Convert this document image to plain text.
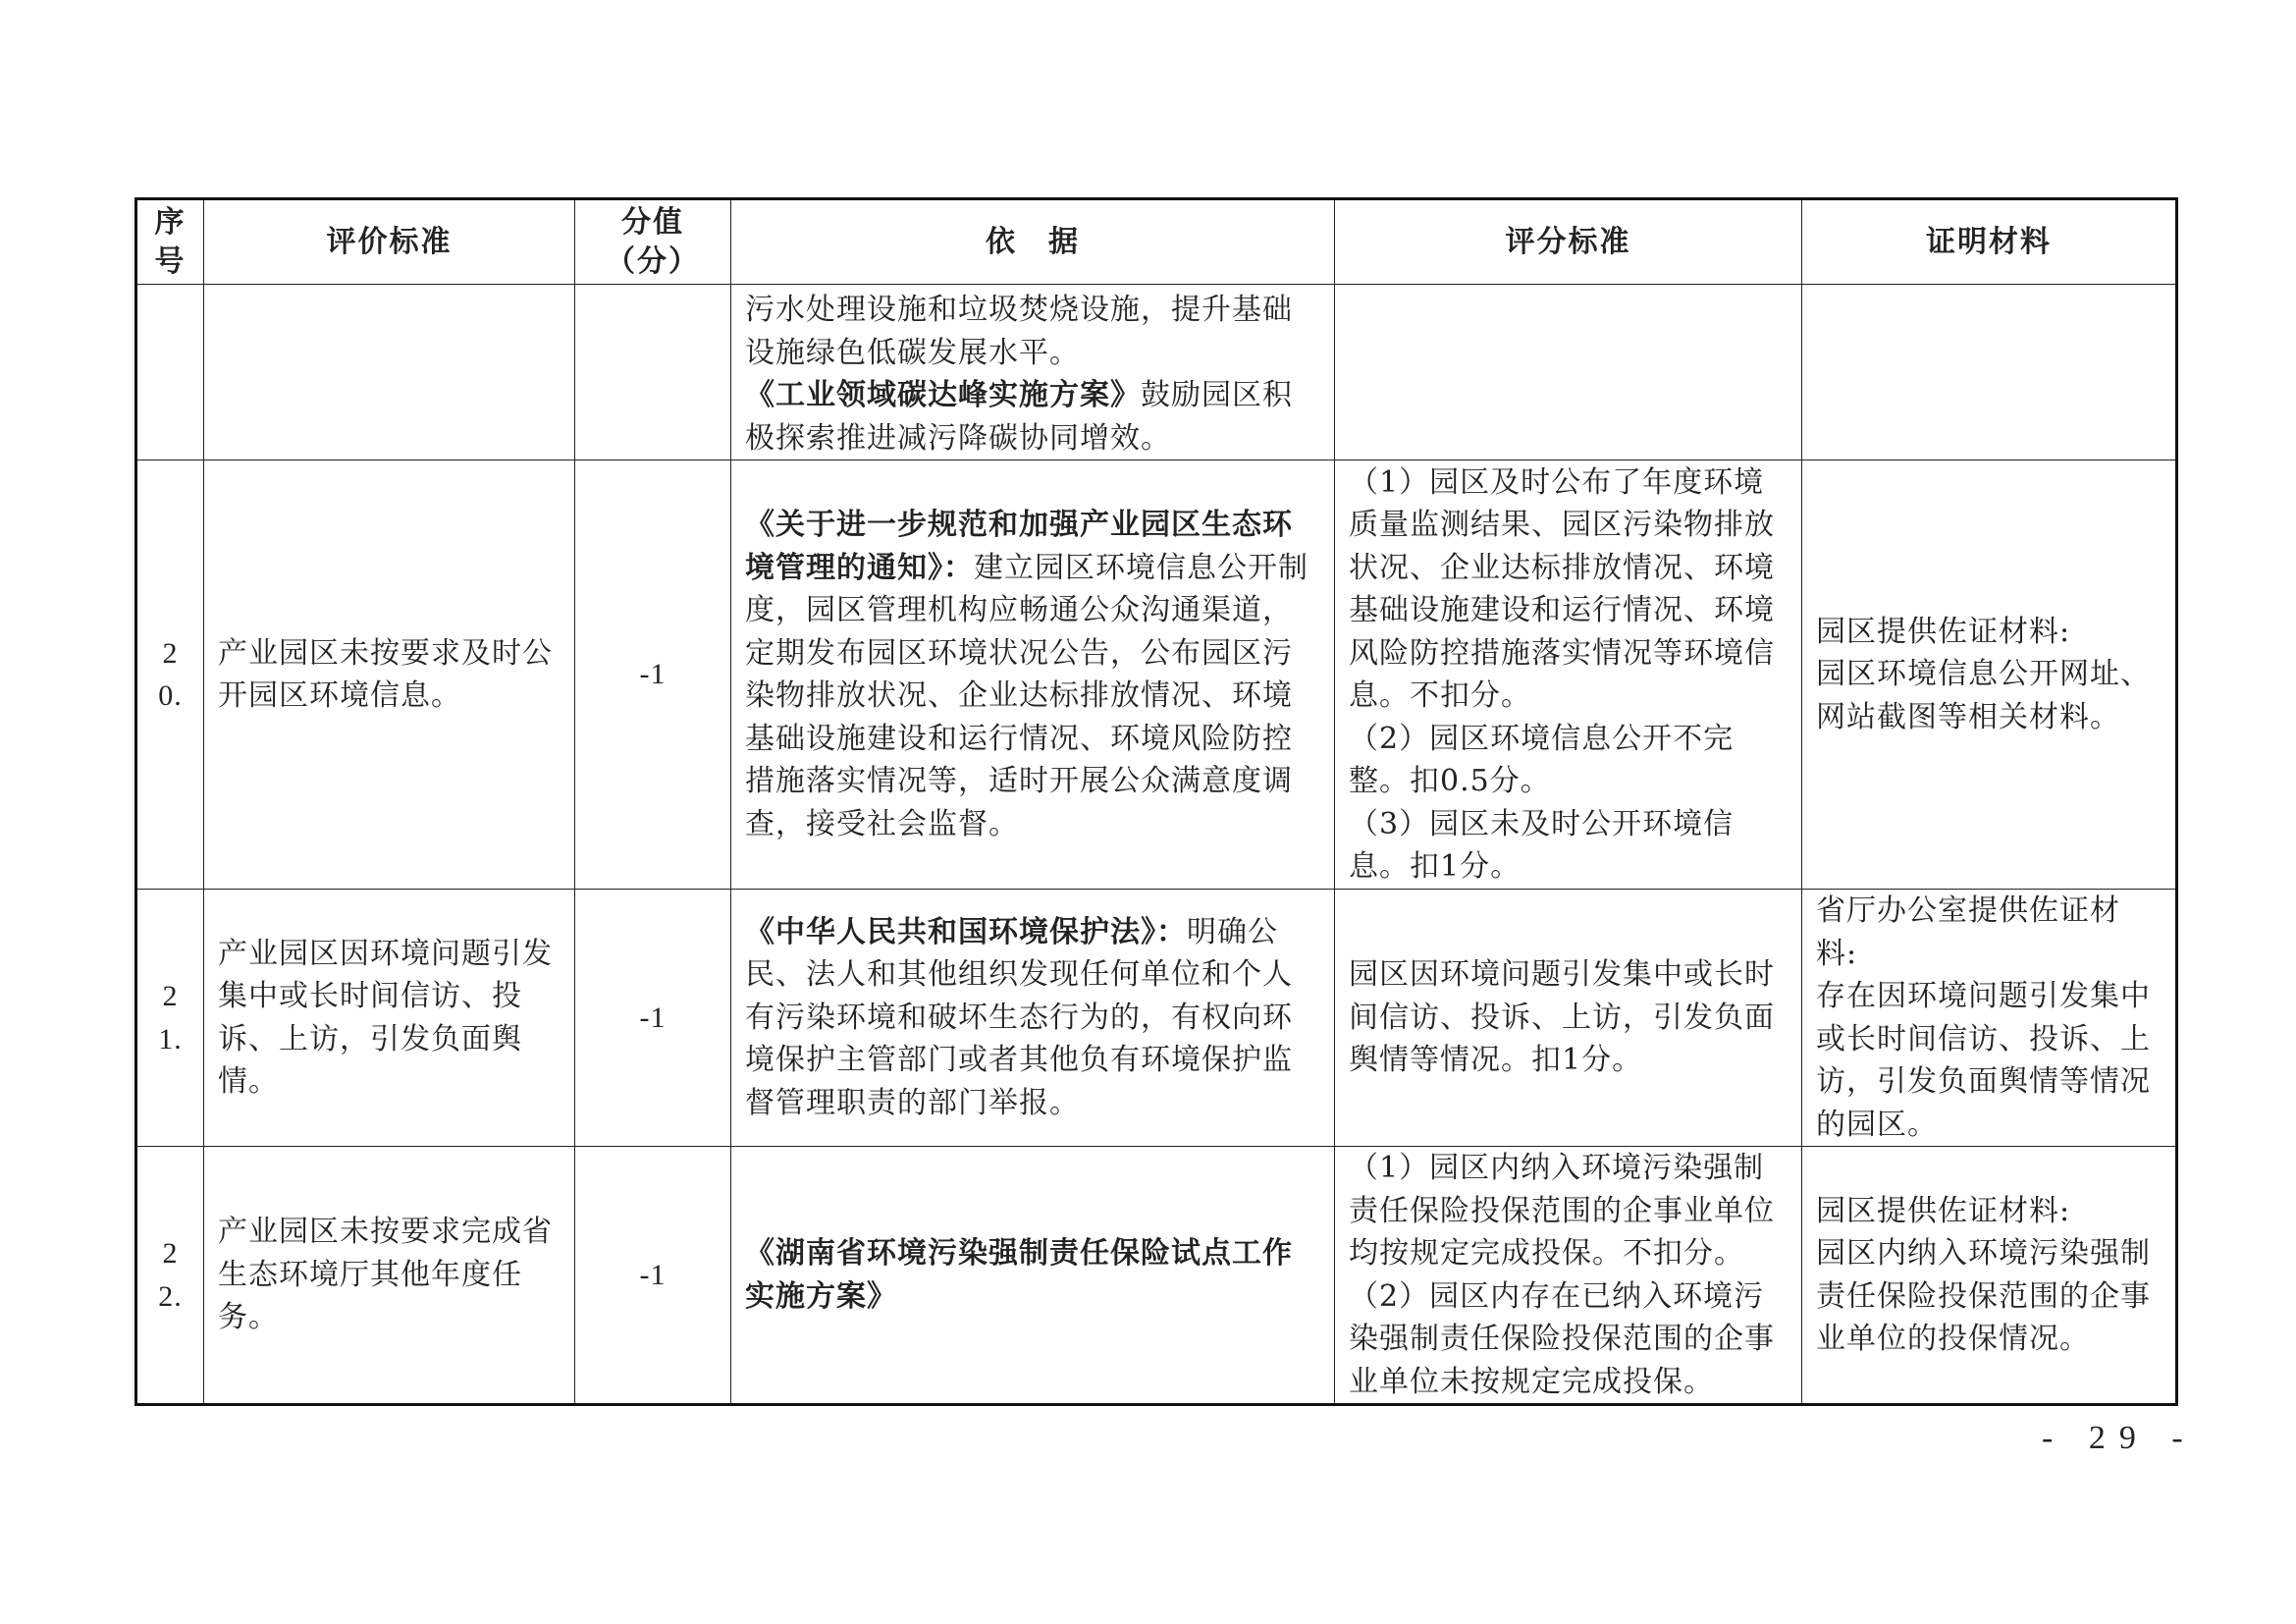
序号	评价标准	分值（分）	依　据	评分标准	证明材料

			污水处理设施和垃圾焚烧设施，提升基础设施绿色低碳发展水平。
《工业领域碳达峰实施方案》鼓励园区积极探索推进减污降碳协同增效。		
20.	产业园区未按要求及时公开园区环境信息。	-1	《关于进一步规范和加强产业园区生态环境管理的通知》：建立园区环境信息公开制度，园区管理机构应畅通公众沟通渠道，定期发布园区环境状况公告，公布园区污染物排放状况、企业达标排放情况、环境基础设施建设和运行情况、环境风险防控措施落实情况等，适时开展公众满意度调查，接受社会监督。	（1）园区及时公布了年度环境质量监测结果、园区污染物排放状况、企业达标排放情况、环境基础设施建设和运行情况、环境风险防控措施落实情况等环境信息。不扣分。
（2）园区环境信息公开不完整。扣0.5分。
（3）园区未及时公开环境信息。扣1分。	园区提供佐证材料:
园区环境信息公开网址、网站截图等相关材料。

21.	产业园区因环境问题引发集中或长时间信访、投诉、上访，引发负面舆情。	-1	《中华人民共和国环境保护法》：明确公民、法人和其他组织发现任何单位和个人有污染环境和破坏生态行为的，有权向环境保护主管部门或者其他负有环境保护监督管理职责的部门举报。	园区因环境问题引发集中或长时间信访、投诉、上访，引发负面舆情等情况。扣1分。	省厅办公室提供佐证材料:
存在因环境问题引发集中或长时间信访、投诉、上访，引发负面舆情等情况的园区。

22.	产业园区未按要求完成省生态环境厅其他年度任务。	-1	《湖南省环境污染强制责任保险试点工作实施方案》	（1）园区内纳入环境污染强制责任保险投保范围的企事业单位均按规定完成投保。不扣分。
（2）园区内存在已纳入环境污染强制责任保险投保范围的企事业单位未按规定完成投保。	园区提供佐证材料:
园区内纳入环境污染强制责任保险投保范围的企事业单位的投保情况。
- 29 -
